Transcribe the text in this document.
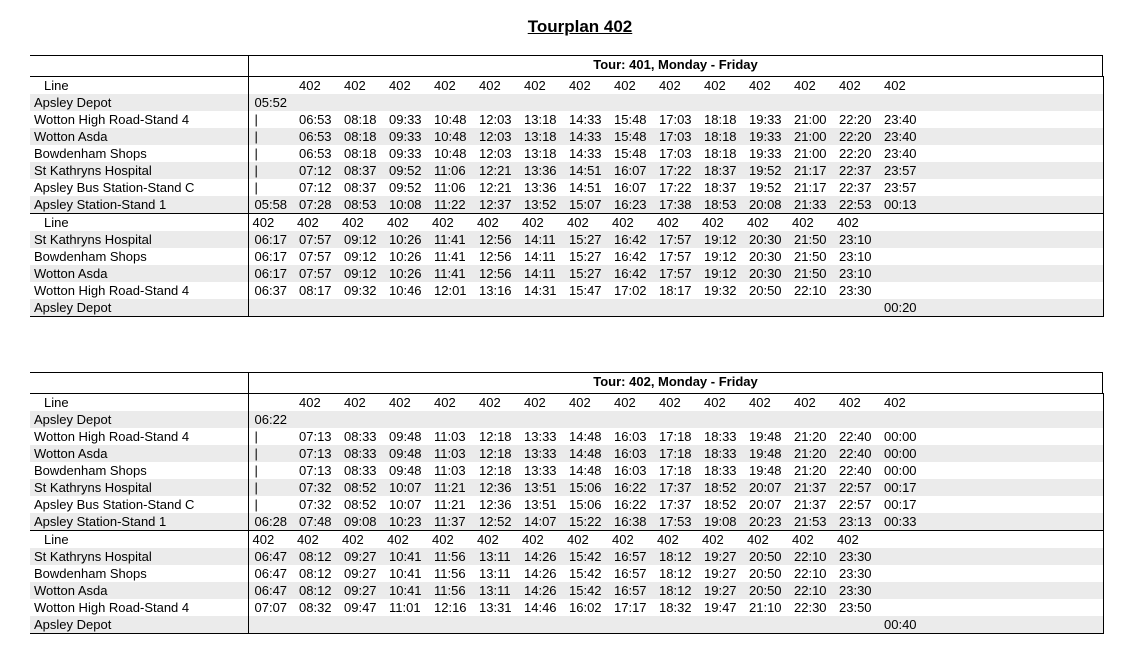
Tourplan 402
Tour: 401, Monday - Friday
Line		402	402	402	402	402	402	402	402	402	402	402	402	402	402	
Apsley Depot	05:52															
Wotton High Road-Stand 4	|	06:53	08:18	09:33	10:48	12:03	13:18	14:33	15:48	17:03	18:18	19:33	21:00	22:20	23:40	
Wotton Asda	|	06:53	08:18	09:33	10:48	12:03	13:18	14:33	15:48	17:03	18:18	19:33	21:00	22:20	23:40	
Bowdenham Shops	|	06:53	08:18	09:33	10:48	12:03	13:18	14:33	15:48	17:03	18:18	19:33	21:00	22:20	23:40	
St Kathryns Hospital	|	07:12	08:37	09:52	11:06	12:21	13:36	14:51	16:07	17:22	18:37	19:52	21:17	22:37	23:57	
Apsley Bus Station-Stand C	|	07:12	08:37	09:52	11:06	12:21	13:36	14:51	16:07	17:22	18:37	19:52	21:17	22:37	23:57	
Apsley Station-Stand 1	05:58	07:28	08:53	10:08	11:22	12:37	13:52	15:07	16:23	17:38	18:53	20:08	21:33	22:53	00:13	
Line	402	402	402	402	402	402	402	402	402	402	402	402	402	402		
St Kathryns Hospital	06:17	07:57	09:12	10:26	11:41	12:56	14:11	15:27	16:42	17:57	19:12	20:30	21:50	23:10		
Bowdenham Shops	06:17	07:57	09:12	10:26	11:41	12:56	14:11	15:27	16:42	17:57	19:12	20:30	21:50	23:10		
Wotton Asda	06:17	07:57	09:12	10:26	11:41	12:56	14:11	15:27	16:42	17:57	19:12	20:30	21:50	23:10		
Wotton High Road-Stand 4	06:37	08:17	09:32	10:46	12:01	13:16	14:31	15:47	17:02	18:17	19:32	20:50	22:10	23:30		
Apsley Depot															00:20	
Tour: 402, Monday - Friday
Line		402	402	402	402	402	402	402	402	402	402	402	402	402	402	
Apsley Depot	06:22															
Wotton High Road-Stand 4	|	07:13	08:33	09:48	11:03	12:18	13:33	14:48	16:03	17:18	18:33	19:48	21:20	22:40	00:00	
Wotton Asda	|	07:13	08:33	09:48	11:03	12:18	13:33	14:48	16:03	17:18	18:33	19:48	21:20	22:40	00:00	
Bowdenham Shops	|	07:13	08:33	09:48	11:03	12:18	13:33	14:48	16:03	17:18	18:33	19:48	21:20	22:40	00:00	
St Kathryns Hospital	|	07:32	08:52	10:07	11:21	12:36	13:51	15:06	16:22	17:37	18:52	20:07	21:37	22:57	00:17	
Apsley Bus Station-Stand C	|	07:32	08:52	10:07	11:21	12:36	13:51	15:06	16:22	17:37	18:52	20:07	21:37	22:57	00:17	
Apsley Station-Stand 1	06:28	07:48	09:08	10:23	11:37	12:52	14:07	15:22	16:38	17:53	19:08	20:23	21:53	23:13	00:33	
Line	402	402	402	402	402	402	402	402	402	402	402	402	402	402		
St Kathryns Hospital	06:47	08:12	09:27	10:41	11:56	13:11	14:26	15:42	16:57	18:12	19:27	20:50	22:10	23:30		
Bowdenham Shops	06:47	08:12	09:27	10:41	11:56	13:11	14:26	15:42	16:57	18:12	19:27	20:50	22:10	23:30		
Wotton Asda	06:47	08:12	09:27	10:41	11:56	13:11	14:26	15:42	16:57	18:12	19:27	20:50	22:10	23:30		
Wotton High Road-Stand 4	07:07	08:32	09:47	11:01	12:16	13:31	14:46	16:02	17:17	18:32	19:47	21:10	22:30	23:50		
Apsley Depot															00:40	
